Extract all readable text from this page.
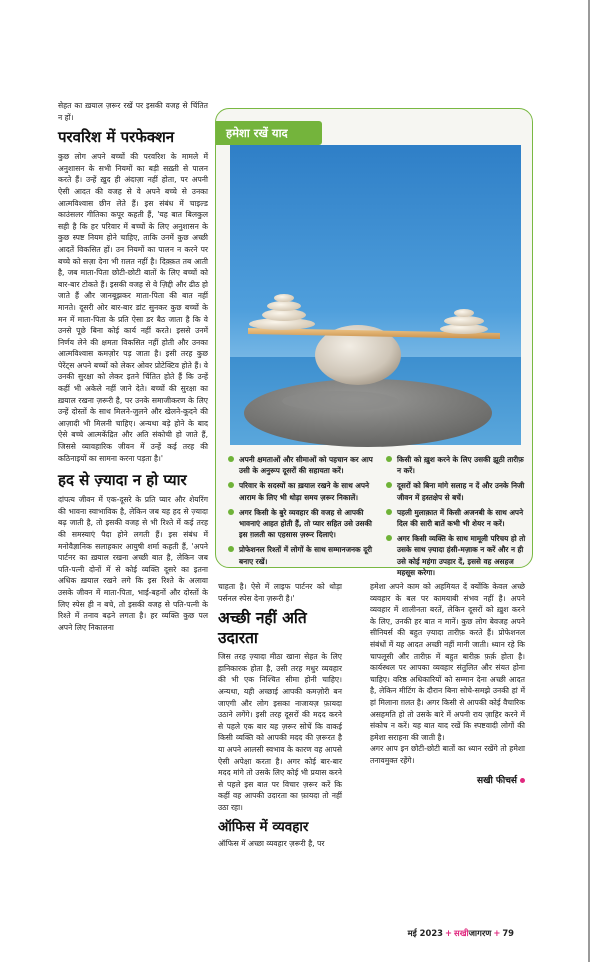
सेहत का ख़याल ज़रूर रखें पर इसकी वजह से चिंतित न हों।

परवरिश में परफेक्शन

कुछ लोग अपने बच्चों की परवरिश के मामले में अनुशासन के सभी नियमों का बड़ी सख़्ती से पालन करते हैं। उन्हें ख़ुद ही अंदाज़ा नहीं होता, पर अपनी ऐसी आदत की वजह से वे अपने बच्चे से उनका आत्मविश्वास छीन लेते हैं। इस संबंध में चाइल्ड काउंसलर गीतिका कपूर कहती हैं, 'यह बात बिलकुल सही है कि हर परिवार में बच्चों के लिए अनुशासन के कुछ स्पष्ट नियम होने चाहिए, ताकि उनमें कुछ अच्छी आदतें विकसित हों। उन नियमों का पालन न करने पर बच्चे को सज़ा देना भी ग़लत नहीं है। दिक़्क़त तब आती है, जब माता-पिता छोटी-छोटी बातों के लिए बच्चों को बार-बार टोकते हैं। इसकी वजह से वे ज़िद्दी और ढीठ हो जाते हैं और जानबूझकर माता-पिता की बात नहीं मानते। दूसरी ओर बार-बार डांट सुनकर कुछ बच्चों के मन में माता-पिता के प्रति ऐसा डर बैठ जाता है कि वे उनसे पूछे बिना कोई कार्य नहीं करते। इससे उनमें निर्णय लेने की क्षमता विकसित नहीं होती और उनका आत्मविश्वास कमज़ोर पड़ जाता है। इसी तरह कुछ पेरेंट्स अपने बच्चों को लेकर ओवर प्रोटेक्टिव होते हैं। वे उनकी सुरक्षा को लेकर इतने चिंतित होते हैं कि उन्हें कहीं भी अकेले नहीं जाने देते। बच्चों की सुरक्षा का ख़याल रखना ज़रूरी है, पर उनके समाजीकरण के लिए उन्हें दोस्तों के साथ मिलने-जुलने और खेलने-कूदने की आज़ादी भी मिलनी चाहिए। अन्यथा बड़े होने के बाद ऐसे बच्चे आत्मकेंद्रित और अति संकोची हो जाते हैं, जिससे व्यावहारिक जीवन में उन्हें कई तरह की कठिनाइयों का सामना करना पड़ता है।'

हद से ज़्यादा न हो प्यार

दांपत्य जीवन में एक-दूसरे के प्रति प्यार और शेयरिंग की भावना स्वाभाविक है, लेकिन जब यह हद से ज़्यादा बढ़ जाती है, तो इसकी वजह से भी रिश्ते में कई तरह की समस्याएं पैदा होने लगती हैं। इस संबंध में मनोवैज्ञानिक सलाहकार आयुषी शर्मा कहती हैं, 'अपने पार्टनर का ख़याल रखना अच्छी बात है, लेकिन जब पति-पत्नी दोनों में से कोई व्यक्ति दूसरे का इतना अधिक ख़याल रखने लगे कि इस रिश्ते के अलावा उसके जीवन में माता-पिता, भाई-बहनों और दोस्तों के लिए स्पेस ही न बचे, तो इसकी वजह से पति-पत्नी के रिश्ते में तनाव बढ़ने लगता है। हर व्यक्ति कुछ पल अपने लिए निकालना

हमेशा रखें याद
अपनी क्षमताओं और सीमाओं को पहचान कर आप उसी के अनुरूप दूसरों की सहायता करें।
परिवार के सदस्यों का ख़याल रखने के साथ अपने आराम के लिए भी थोड़ा समय ज़रूर निकालें।
अगर किसी के बुरे व्यवहार की वजह से आपकी भावनाएं आहत होती हैं, तो प्यार सहित उसे उसकी इस ग़लती का एहसास ज़रूर दिलाएं।
प्रोफेशनल रिश्तों में लोगों के साथ सम्मानजनक दूरी बनाए रखें।
किसी को ख़ुश करने के लिए उसकी झूठी तारीफ़ न करें।
दूसरों को बिना मांगे सलाह न दें और उनके निजी जीवन में हस्तक्षेप से बचें।
पहली मुलाक़ात में किसी अजनबी के साथ अपने दिल की सारी बातें कभी भी शेयर न करें।
अगर किसी व्यक्ति के साथ मामूली परिचय हो तो उसके साथ ज़्यादा हंसी-मज़ाक न करें और न ही उसे कोई महंगा उपहार दें, इससे वह असहज महसूस करेगा।

चाहता है। ऐसे में लाइफ पार्टनर को थोड़ा पर्सनल स्पेस देना ज़रूरी है।'

अच्छी नहीं अति उदारता

जिस तरह ज़्यादा मीठा खाना सेहत के लिए हानिकारक होता है, उसी तरह मधुर व्यवहार की भी एक निश्चित सीमा होनी चाहिए। अन्यथा, यही अच्छाई आपकी कमज़ोरी बन जाएगी और लोग इसका नाजायज़ फ़ायदा उठाने लगेंगे। इसी तरह दूसरों की मदद करने से पहले एक बार यह ज़रूर सोचें कि वाकई किसी व्यक्ति को आपकी मदद की ज़रूरत है या अपने आलसी स्वभाव के कारण वह आपसे ऐसी अपेक्षा करता है। अगर कोई बार-बार मदद मांगे तो उसके लिए कोई भी प्रयास करने से पहले इस बात पर विचार ज़रूर करें कि कहीं वह आपकी उदारता का फ़ायदा तो नहीं उठा रहा।

ऑफिस में व्यवहार

ऑफिस में अच्छा व्यवहार ज़रूरी है, पर

हमेशा अपने काम को अहमियत दें क्योंकि केवल अच्छे व्यवहार के बल पर कामयाबी संभव नहीं है। अपने व्यवहार में शालीनता बरतें, लेकिन दूसरों को ख़ुश करने के लिए, उनकी हर बात न मानें। कुछ लोग बेवजह अपने सीनियर्स की बहुत ज़्यादा तारीफ़ करते हैं। प्रोफेशनल संबंधों में यह आदत अच्छी नहीं मानी जाती। ध्यान रहे कि चापलूसी और तारीफ़ में बहुत बारीक़ फ़र्क़ होता है। कार्यस्थल पर आपका व्यवहार संतुलित और संयत होना चाहिए। वरिष्ठ अधिकारियों को सम्मान देना अच्छी आदत है, लेकिन मीटिंग के दौरान बिना सोचे-समझे उनकी हां में हां मिलाना ग़लत है। अगर किसी से आपकी कोई वैचारिक असहमति हो तो उसके बारे में अपनी राय ज़ाहिर करने में संकोच न करें। यह बात याद रखें कि स्पष्टवादी लोगों की हमेशा सराहना की जाती है।

अगर आप इन छोटी-छोटी बातों का ध्यान रखेंगे तो हमेशा तनावमुक्त रहेंगे।

सखी फीचर्स
मई 2023 + सखीजागरण + 79
